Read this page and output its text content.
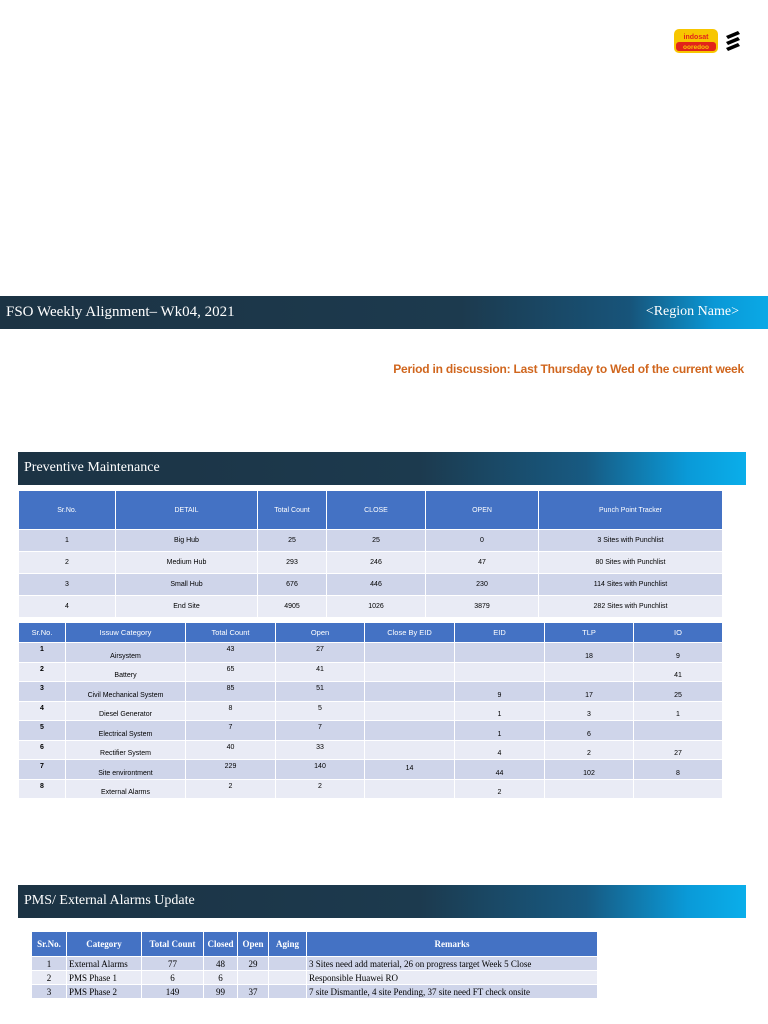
indosat
ooredoo
FSO Weekly Alignment– Wk04, 2021	<Region Name>
Period in discussion: Last Thursday to Wed of the current week
Preventive Maintenance
Sr.No.	DETAIL	Total Count	CLOSE	OPEN	Punch Point Tracker
1	Big Hub	25	25	0	3 Sites with Punchlist
2	Medium Hub	293	246	47	80 Sites with Punchlist
3	Small Hub	676	446	230	114 Sites with Punchlist
4	End Site	4905	1026	3879	282 Sites with Punchlist
Sr.No.	Issuw Category	Total Count	Open	Close By EID	EID	TLP	IO
1	Airsystem	43	27			18	9
2	Battery	65	41				41
3	Civil Mechanical System	85	51		9	17	25
4	Diesel Generator	8	5		1	3	1
5	Electrical System	7	7		1	6	
6	Rectifier System	40	33		4	2	27
7	Site environtment	229	140	14	44	102	8
8	External Alarms	2	2		2		
PMS/ External Alarms Update
Sr.No.	Category	Total Count	Closed	Open	Aging	Remarks
1	External Alarms	77	48	29		3 Sites need add material, 26 on progress target Week 5 Close
2	PMS Phase 1	6	6			Responsible Huawei RO
3	PMS Phase 2	149	99	37		7 site Dismantle, 4 site Pending, 37 site need FT check onsite
